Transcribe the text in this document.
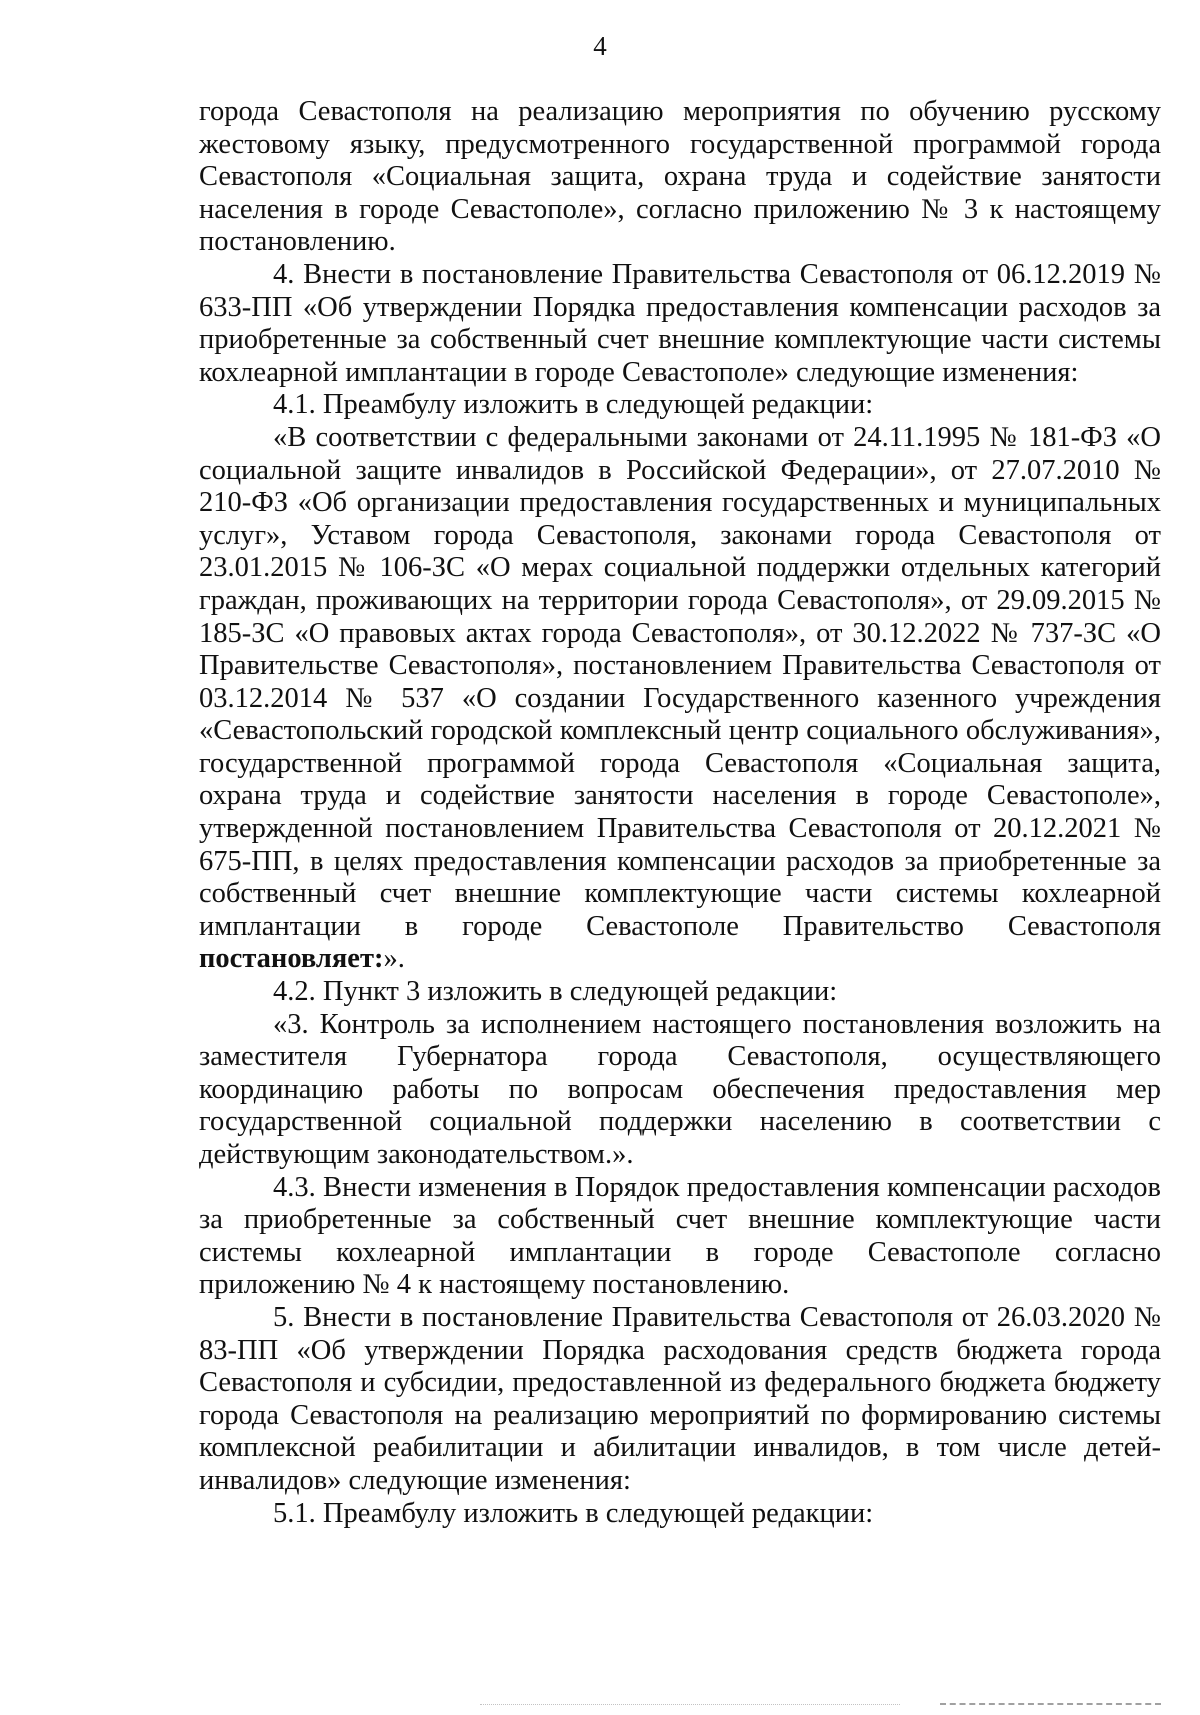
4

города Севастополя на реализацию мероприятия по обучению русскому жестовому языку, предусмотренного государственной программой города Севастополя «Социальная защита, охрана труда и содействие занятости населения в городе Севастополе», согласно приложению № 3 к настоящему постановлению.

4. Внести в постановление Правительства Севастополя от 06.12.2019 № 633-ПП «Об утверждении Порядка предоставления компенсации расходов за приобретенные за собственный счет внешние комплектующие части системы кохлеарной имплантации в городе Севастополе» следующие изменения:

4.1. Преамбулу изложить в следующей редакции:

«В соответствии с федеральными законами от 24.11.1995 № 181-ФЗ «О социальной защите инвалидов в Российской Федерации», от 27.07.2010 № 210-ФЗ «Об организации предоставления государственных и муниципальных услуг», Уставом города Севастополя, законами города Севастополя от 23.01.2015 № 106-ЗС «О мерах социальной поддержки отдельных категорий граждан, проживающих на территории города Севастополя», от 29.09.2015 № 185-ЗС «О правовых актах города Севастополя», от 30.12.2022 № 737-ЗС «О Правительстве Севастополя», постановлением Правительства Севастополя от 03.12.2014 № 537 «О создании Государственного казенного учреждения «Севастопольский городской комплексный центр социального обслуживания», государственной программой города Севастополя «Социальная защита, охрана труда и содействие занятости населения в городе Севастополе», утвержденной постановлением Правительства Севастополя от 20.12.2021 № 675-ПП, в целях предоставления компенсации расходов за приобретенные за собственный счет внешние комплектующие части системы кохлеарной имплантации в городе Севастополе Правительство Севастополя постановляет:».

4.2. Пункт 3 изложить в следующей редакции:

«3. Контроль за исполнением настоящего постановления возложить на заместителя Губернатора города Севастополя, осуществляющего координацию работы по вопросам обеспечения предоставления мер государственной социальной поддержки населению в соответствии с действующим законодательством.».

4.3. Внести изменения в Порядок предоставления компенсации расходов за приобретенные за собственный счет внешние комплектующие части системы кохлеарной имплантации в городе Севастополе согласно приложению № 4 к настоящему постановлению.

5. Внести в постановление Правительства Севастополя от 26.03.2020 № 83-ПП «Об утверждении Порядка расходования средств бюджета города Севастополя и субсидии, предоставленной из федерального бюджета бюджету города Севастополя на реализацию мероприятий по формированию системы комплексной реабилитации и абилитации инвалидов, в том числе детей-инвалидов» следующие изменения:

5.1. Преамбулу изложить в следующей редакции:
